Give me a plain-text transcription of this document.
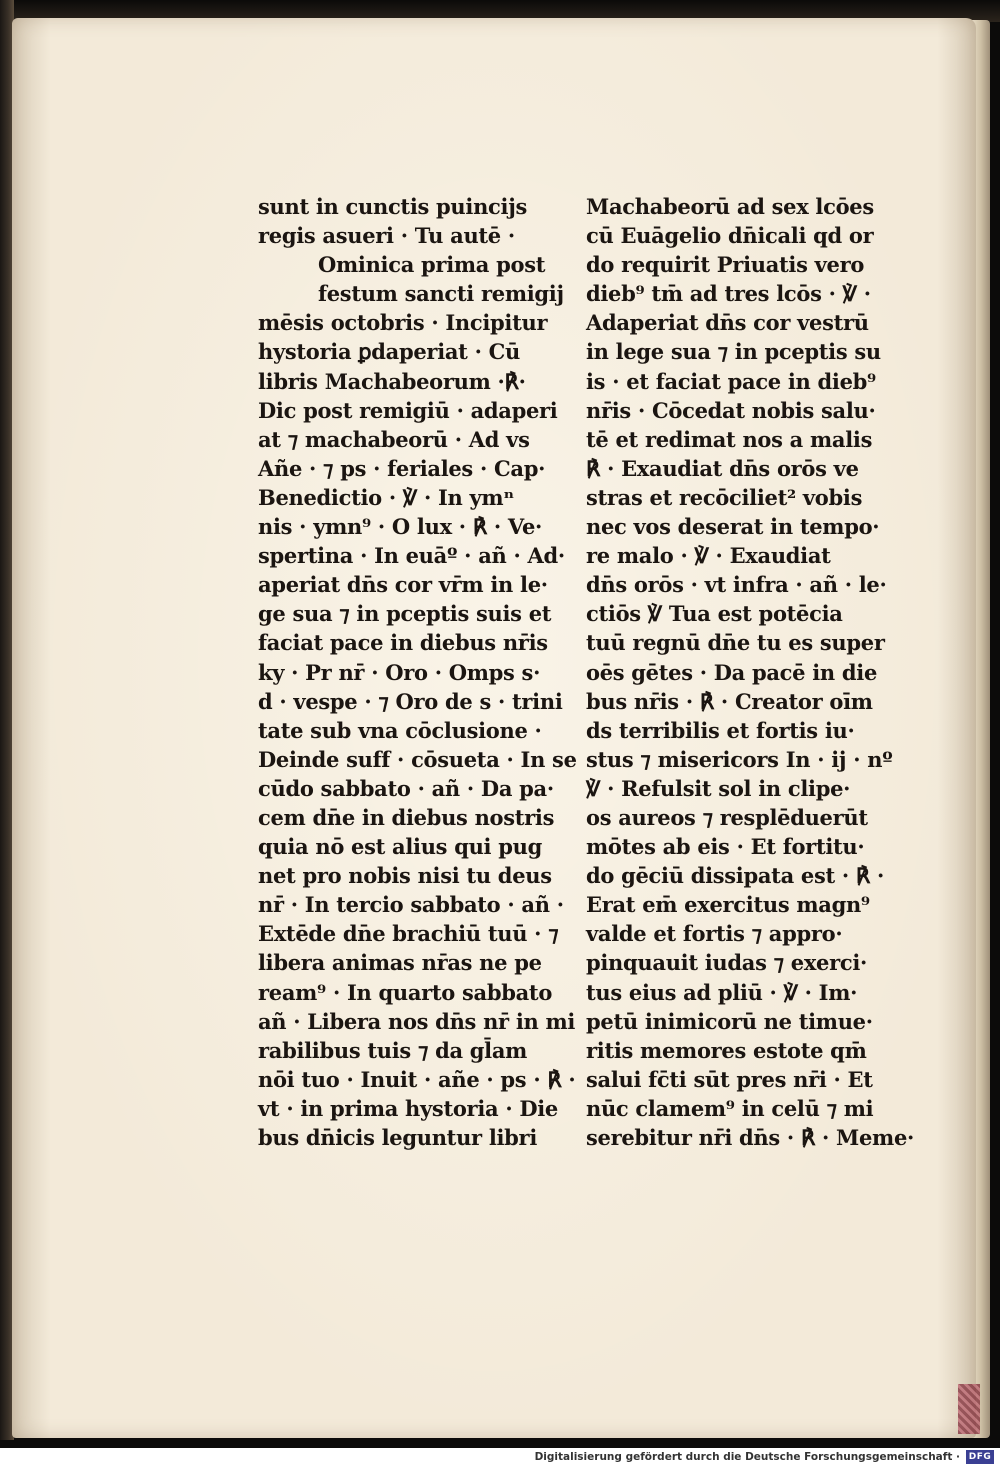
sunt in cunctis puincijs
regis asueri · Tu autē ·
Ominica prima post
festum sancti remigij
mēsis octobris · Incipitur
hystoria ꝑdaperiat · Cū
libris Machabeorum ·℟·
Dic post remigiū · adaperi
at ⁊ machabeorū · Ad vs
Añe · ⁊ ps · feriales · Cap·
Benedictio · ℣ · In ymⁿ
nis · ymn⁹ · O lux · ℟ · Ve·
spertina · In euāº · añ · Ad·
aperiat dn̄s cor vr̄m in le·
ge sua ⁊ in pceptis suis et
faciat pace in diebus nr̄is
ky · Pr nr̄ · Oro · Omps s·
d · vespe · ⁊ Oro de s · trini
tate sub vna cōclusione ·
Deinde suff · cōsueta · In se
cūdo sabbato · añ · Da pa·
cem dn̄e in diebus nostris
quia nō est alius qui pug
net pro nobis nisi tu deus
nr̄ · In tercio sabbato · añ ·
Extēde dn̄e brachiū tuū · ⁊
libera animas nr̄as ne pe
ream⁹ · In quarto sabbato
añ · Libera nos dn̄s nr̄ in mi
rabilibus tuis ⁊ da gl̄am
nōi tuo · Inuit · añe · ps · ℟ ·
vt · in prima hystoria · Die
bus dn̄icis leguntur libri
Machabeorū ad sex lcōes
cū Euāgelio dn̄icali qd or
do requirit Priuatis vero
dieb⁹ tm̄ ad tres lcōs · ℣ ·
Adaperiat dn̄s cor vestrū
in lege sua ⁊ in pceptis su
is · et faciat pace in dieb⁹
nr̄is · Cōcedat nobis salu·
tē et redimat nos a malis
℟ · Exaudiat dn̄s orōs ve
stras et recōciliet² vobis
nec vos deserat in tempo·
re malo · ℣ · Exaudiat
dn̄s orōs · vt infra · añ · le·
ctiōs ℣ Tua est potēcia
tuū regnū dn̄e tu es super
oēs gētes · Da pacē in die
bus nr̄is · ℟ · Creator oīm
ds terribilis et fortis iu·
stus ⁊ misericors In · ij · nº
℣ · Refulsit sol in clipe·
os aureos ⁊ resplēduerūt
mōtes ab eis · Et fortitu·
do gēciū dissipata est · ℟ ·
Erat em̄ exercitus magn⁹
valde et fortis ⁊ appro·
pinquauit iudas ⁊ exerci·
tus eius ad pliū · ℣ · Im·
petū inimicorū ne timue·
ritis memores estote qm̄
salui fc̄ti sūt pres nr̄i · Et
nūc clamem⁹ in celū ⁊ mi
serebitur nr̄i dn̄s · ℟ · Meme·
Digitalisierung gefördert durch die Deutsche Forschungsgemeinschaft · DFG
